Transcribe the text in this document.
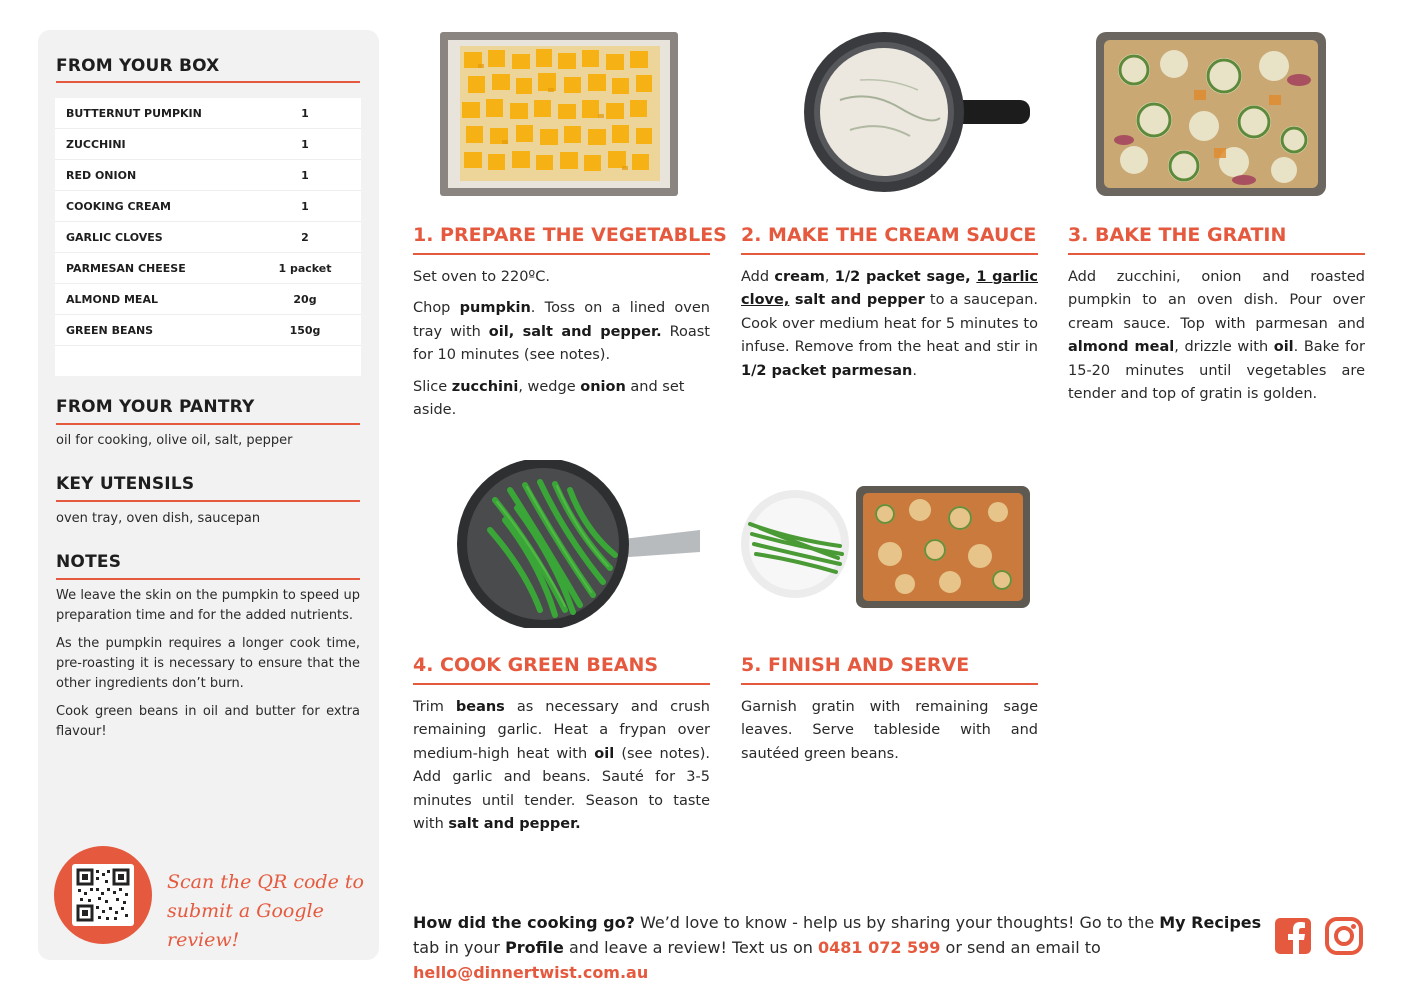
FROM YOUR BOX
BUTTERNUT PUMPKIN	1
ZUCCHINI	1
RED ONION	1
COOKING CREAM	1
GARLIC CLOVES	2
PARMESAN CHEESE	1 packet
ALMOND MEAL	20g
GREEN BEANS	150g
FROM YOUR PANTRY
oil for cooking, olive oil, salt, pepper
KEY UTENSILS
oven tray, oven dish, saucepan
NOTES

We leave the skin on the pumpkin to speed up preparation time and for the added nutrients.

As the pumpkin requires a longer cook time, pre-roasting it is necessary to ensure that the other ingredients don’t burn.

Cook green beans in oil and butter for extra flavour!

Scan the QR code to
submit a Google review!
1. PREPARE THE VEGETABLES

Set oven to 220ºC.

Chop pumpkin. Toss on a lined oven tray with oil, salt and pepper. Roast for 10 minutes (see notes).

Slice zucchini, wedge onion and set aside.

2. MAKE THE CREAM SAUCE

Add cream, 1/2 packet sage, 1 garlic clove, salt and pepper to a saucepan. Cook over medium heat for 5 minutes to infuse. Remove from the heat and stir in 1/2 packet parmesan.

3. BAKE THE GRATIN

Add zucchini, onion and roasted pumpkin to an oven dish. Pour over cream sauce. Top with parmesan and almond meal, drizzle with oil. Bake for 15-20 minutes until vegetables are tender and top of gratin is golden.

4. COOK GREEN BEANS

Trim beans as necessary and crush remaining garlic. Heat a frypan over medium-high heat with oil (see notes). Add garlic and beans. Sauté for 3-5 minutes until tender. Season to taste with salt and pepper.

5. FINISH AND SERVE

Garnish gratin with remaining sage leaves. Serve tableside with and sautéed green beans.

How did the cooking go? We’d love to know - help us by sharing your thoughts! Go to the My Recipes tab in your Profile and leave a review! Text us on 0481 072 599 or send an email to hello@dinnertwist.com.au
